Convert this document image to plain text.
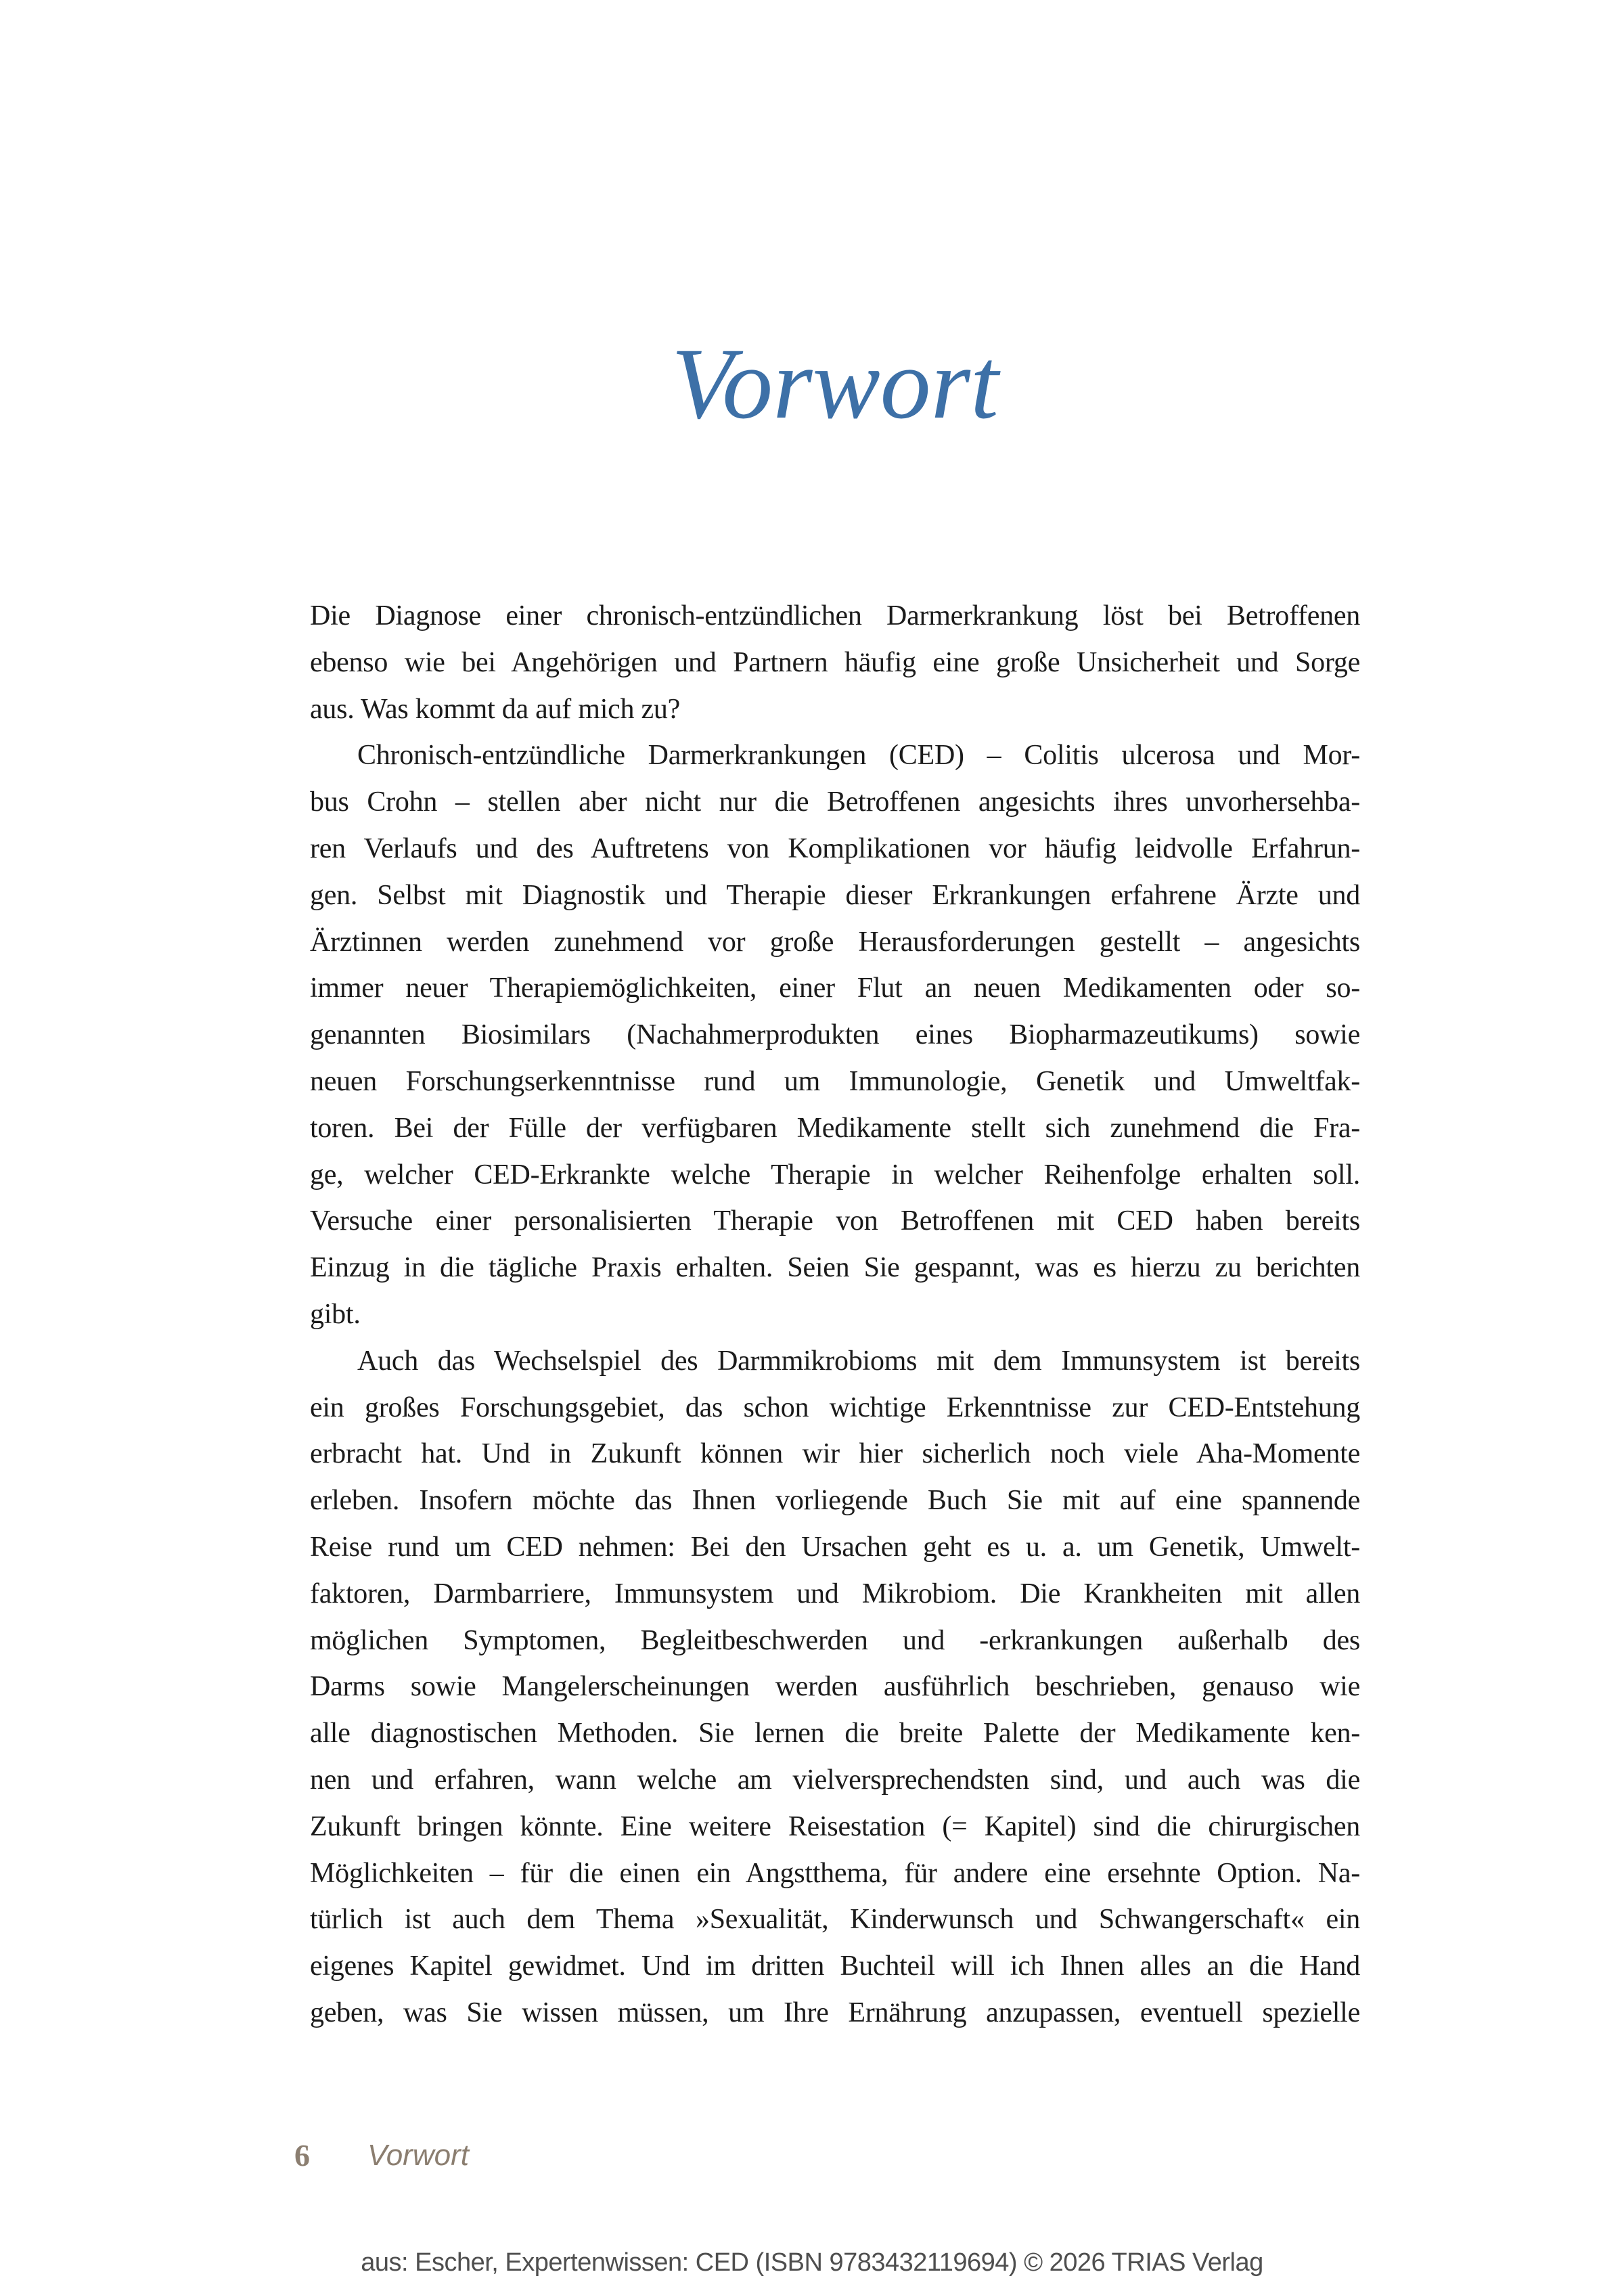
Vorwort
Die Diagnose einer chronisch-entzündlichen Darmerkrankung löst bei Betroffenen
ebenso wie bei Angehörigen und Partnern häufig eine große Unsicherheit und Sorge
aus. Was kommt da auf mich zu?
Chronisch-entzündliche Darmerkrankungen (CED) – Colitis ulcerosa und Mor-
bus Crohn – stellen aber nicht nur die Betroffenen angesichts ihres unvorhersehba-
ren Verlaufs und des Auftretens von Komplikationen vor häufig leidvolle Erfahrun-
gen. Selbst mit Diagnostik und Therapie dieser Erkrankungen erfahrene Ärzte und
Ärztinnen werden zunehmend vor große Herausforderungen gestellt – angesichts
immer neuer Therapiemöglichkeiten, einer Flut an neuen Medikamenten oder so-
genannten Biosimilars (Nachahmerprodukten eines Biopharmazeutikums) sowie
neuen Forschungserkenntnisse rund um Immunologie, Genetik und Umweltfak-
toren. Bei der Fülle der verfügbaren Medikamente stellt sich zunehmend die Fra-
ge, welcher CED-Erkrankte welche Therapie in welcher Reihenfolge erhalten soll.
Versuche einer personalisierten Therapie von Betroffenen mit CED haben bereits
Einzug in die tägliche Praxis erhalten. Seien Sie gespannt, was es hierzu zu berichten
gibt.
Auch das Wechselspiel des Darmmikrobioms mit dem Immunsystem ist bereits
ein großes Forschungsgebiet, das schon wichtige Erkenntnisse zur CED-Entstehung
erbracht hat. Und in Zukunft können wir hier sicherlich noch viele Aha-Momente
erleben. Insofern möchte das Ihnen vorliegende Buch Sie mit auf eine spannende
Reise rund um CED nehmen: Bei den Ursachen geht es u. a. um Genetik, Umwelt-
faktoren, Darmbarriere, Immunsystem und Mikrobiom. Die Krankheiten mit allen
möglichen Symptomen, Begleitbeschwerden und -erkrankungen außerhalb des
Darms sowie Mangelerscheinungen werden ausführlich beschrieben, genauso wie
alle diagnostischen Methoden. Sie lernen die breite Palette der Medikamente ken-
nen und erfahren, wann welche am vielversprechendsten sind, und auch was die
Zukunft bringen könnte. Eine weitere Reisestation (= Kapitel) sind die chirurgischen
Möglichkeiten – für die einen ein Angstthema, für andere eine ersehnte Option. Na-
türlich ist auch dem Thema »Sexualität, Kinderwunsch und Schwangerschaft« ein
eigenes Kapitel gewidmet. Und im dritten Buchteil will ich Ihnen alles an die Hand
geben, was Sie wissen müssen, um Ihre Ernährung anzupassen, eventuell spezielle
6 Vorwort
aus: Escher, Expertenwissen: CED (ISBN 9783432119694) © 2026 TRIAS Verlag
